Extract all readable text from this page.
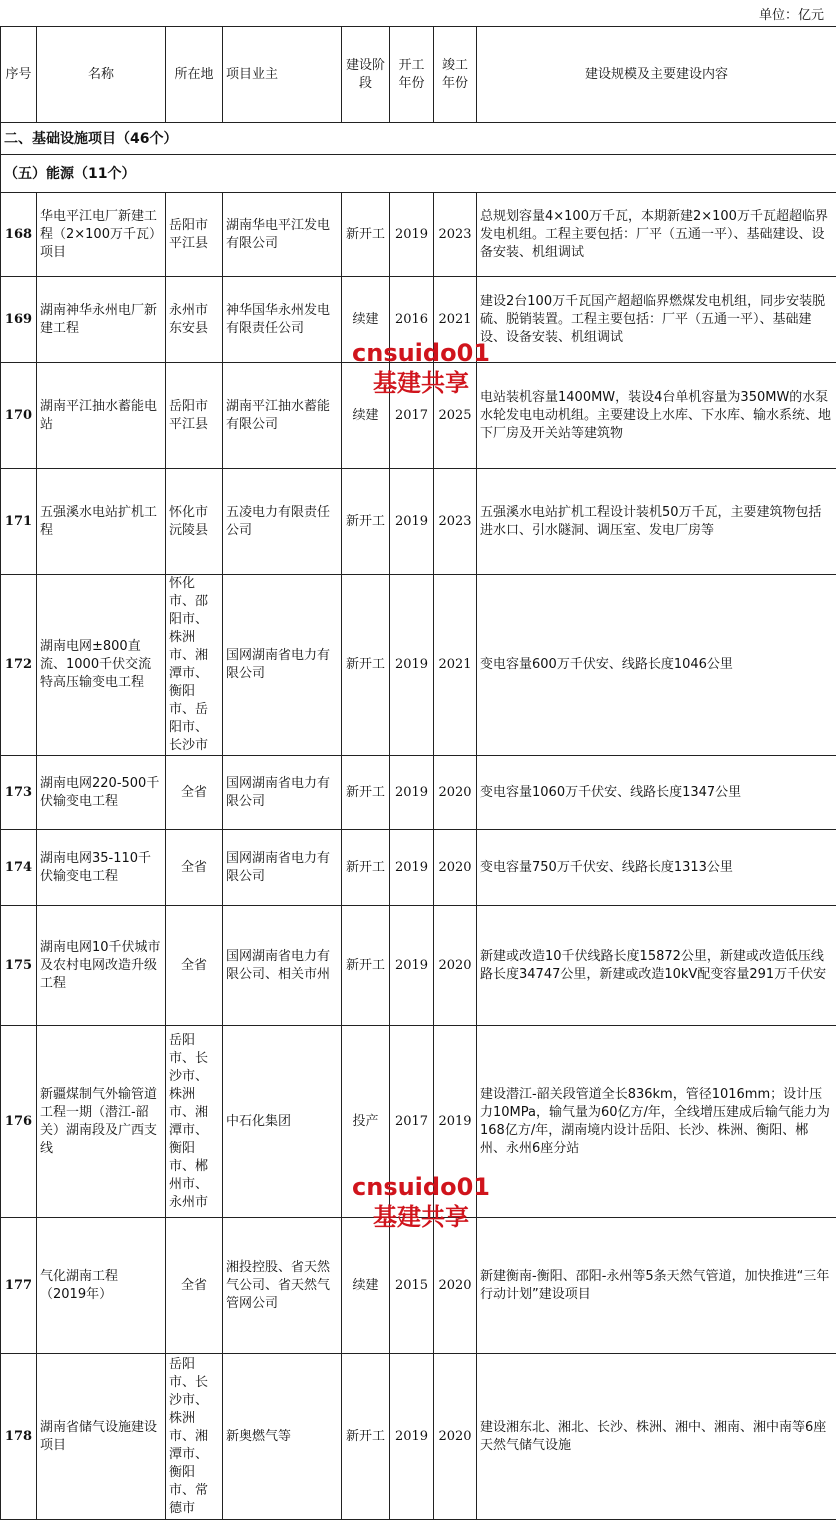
单位：亿元
序号	名称	所在地	项目业主	建设阶段	开工年份	竣工年份	建设规模及主要建设内容
二、基础设施项目（46个）							
（五）能源（11个）							
168	华电平江电厂新建工程（2×100万千瓦）项目	岳阳市平江县	湖南华电平江发电有限公司	新开工	2019	2023	总规划容量4×100万千瓦，本期新建2×100万千瓦超超临界发电机组。工程主要包括：厂平（五通一平）、基础建设、设备安装、机组调试
169	湖南神华永州电厂新建工程	永州市东安县	神华国华永州发电有限责任公司	续建	2016	2021	建设2台100万千瓦国产超超临界燃煤发电机组，同步安装脱硫、脱销装置。工程主要包括：厂平（五通一平）、基础建设、设备安装、机组调试
170	湖南平江抽水蓄能电站	岳阳市平江县	湖南平江抽水蓄能有限公司	续建	2017	2025	电站装机容量1400MW，装设4台单机容量为350MW的水泵水轮发电电动机组。主要建设上水库、下水库、输水系统、地下厂房及开关站等建筑物
171	五强溪水电站扩机工程	怀化市沅陵县	五凌电力有限责任公司	新开工	2019	2023	五强溪水电站扩机工程设计装机50万千瓦，主要建筑物包括进水口、引水隧洞、调压室、发电厂房等
172	湖南电网±800直流、1000千伏交流特高压输变电工程	怀化市、邵阳市、株洲市、湘潭市、衡阳市、岳阳市、长沙市	国网湖南省电力有限公司	新开工	2019	2021	变电容量600万千伏安、线路长度1046公里
173	湖南电网220-500千伏输变电工程	全省	国网湖南省电力有限公司	新开工	2019	2020	变电容量1060万千伏安、线路长度1347公里
174	湖南电网35-110千伏输变电工程	全省	国网湖南省电力有限公司	新开工	2019	2020	变电容量750万千伏安、线路长度1313公里
175	湖南电网10千伏城市及农村电网改造升级工程	全省	国网湖南省电力有限公司、相关市州	新开工	2019	2020	新建或改造10千伏线路长度15872公里，新建或改造低压线路长度34747公里，新建或改造10kV配变容量291万千伏安
176	新疆煤制气外输管道工程一期（潜江-韶关）湖南段及广西支线	岳阳市、长沙市、株洲市、湘潭市、衡阳市、郴州市、永州市	中石化集团	投产	2017	2019	建设潜江-韶关段管道全长836km，管径1016mm；设计压力10MPa，输气量为60亿方/年，全线增压建成后输气能力为168亿方/年，湖南境内设计岳阳、长沙、株洲、衡阳、郴州、永州6座分站
177	气化湖南工程（2019年）	全省	湘投控股、省天然气公司、省天然气管网公司	续建	2015	2020	新建衡南-衡阳、邵阳-永州等5条天然气管道，加快推进“三年行动计划”建设项目
178	湖南省储气设施建设项目	岳阳市、长沙市、株洲市、湘潭市、衡阳市、常德市	新奥燃气等	新开工	2019	2020	建设湘东北、湘北、长沙、株洲、湘中、湘南、湘中南等6座天然气储气设施
cnsuido01
基建共享
cnsuido01
基建共享
